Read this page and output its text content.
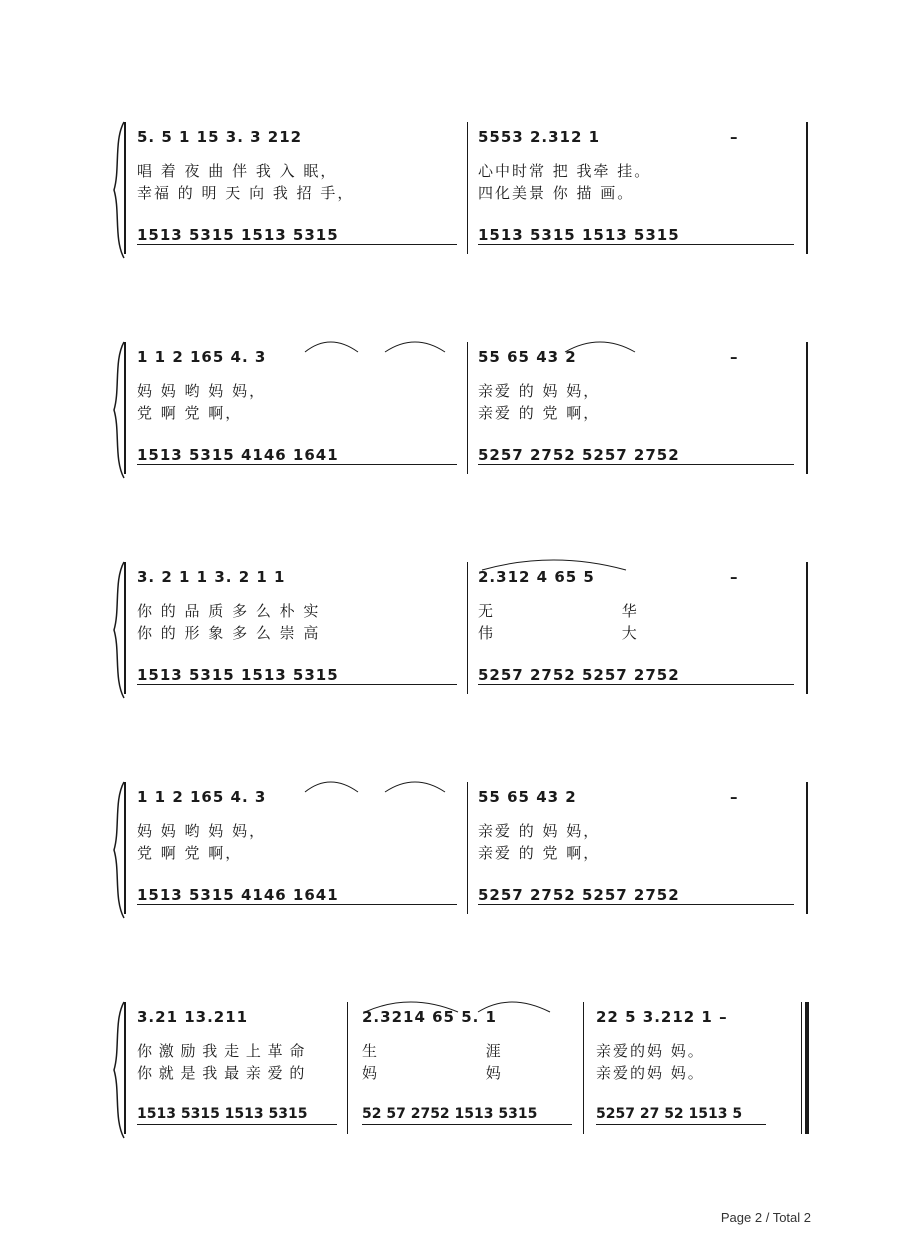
5. 5 1 15 3. 3 212	5553 2.312 1	–
唱 着 夜 曲 伴 我 入 眠，	心中时常 把 我牵 挂。
幸福 的 明 天 向 我 招 手，	四化美景 你 描 画。
1513 5315 1513 5315	1513 5315 1513 5315
1 1 2 165 4. 3	55 65 43 2	–
妈 妈 哟 妈 妈，	亲爱 的 妈 妈，
党 啊 党 啊，	亲爱 的 党 啊，
1513 5315 4146 1641	5257 2752 5257 2752
3. 2 1 1 3. 2 1 1	2.312 4 65 5	–
你 的 品 质 多 么 朴 实	无 华
你 的 形 象 多 么 崇 高	伟 大
1513 5315 1513 5315	5257 2752 5257 2752
1 1 2 165 4. 3	55 65 43 2	–
妈 妈 哟 妈 妈，	亲爱 的 妈 妈，
党 啊 党 啊，	亲爱 的 党 啊，
1513 5315 4146 1641	5257 2752 5257 2752
3.21 13.211	2.3214 65 5. 1	22 5 3.212 1 –
你 激 励 我 走 上 革 命	生 涯	亲爱的妈 妈。
你 就 是 我 最 亲 爱 的	妈 妈	亲爱的妈 妈。
1513 5315 1513 5315	52 57 2752 1513 5315	5257 27 52 1513 5
Page 2 / Total 2
